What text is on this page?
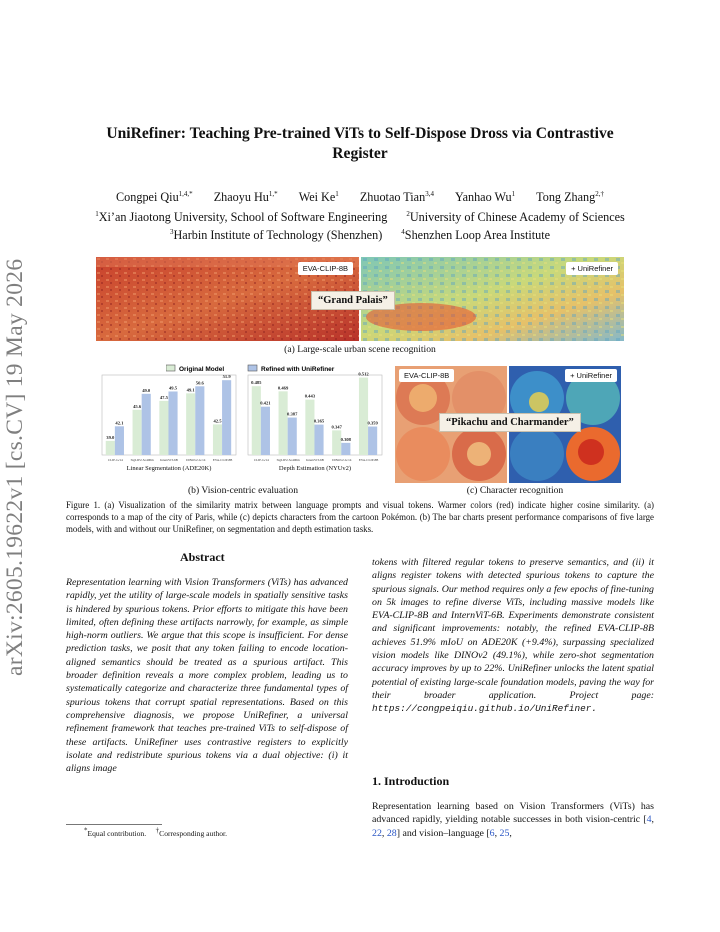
arXiv:2605.19622v1 [cs.CV] 19 May 2026
UniRefiner: Teaching Pre-trained ViTs to Self-Dispose Dross via Contrastive
Register
Congpei Qiu$^{1,4,*}$ Zhaoyu $Hu^{1,*}$ Wei Ke$^1$ Zhuotao Tian$^{3,4}$ Yanhao Wu$^1$ Tong Zhang$^{2,\dagger}$
$^1$Xi’an Jiaotong University, School of Software Engineering	$^2$University of Chinese Academy of Sciences
$^3$Harbin Institute of Technology (Shenzhen)	$^4$Shenzhen Loop Area Institute
EVA-CLIP-8B	+ UniRefiner
“Grand Palais”
(a) Large-scale urban scene recognition
Original Model	Refined with UniRefiner
39.0
42.1
CLIP-G/14
45.6
49.0
SigLIP2-So400m
47.5
49.5
InternViT-6B
49.1
50.6
DINOv2-G/14
42.5
51.9
EVA-CLIP-8B
Linear Segmentation (ADE20K)
0.485
0.421
CLIP-G/14
0.469
0.387
SigLIP2-So400m
0.443
0.365
InternViT-6B
0.347
0.308
DINOv2-G/14
0.512
0.359
EVA-CLIP-8B
Depth Estimation (NYUv2)
(b) Vision-centric evaluation
EVA-CLIP-8B	+ UniRefiner
“Pikachu and Charmander”
(c) Character recognition
Figure 1. (a) Visualization of the similarity matrix between language prompts and visual tokens. Warmer colors (red) indicate higher cosine similarity. (a) corresponds to a map of the city of Paris, while (c) depicts characters from the cartoon Pokémon. (b) The bar charts present performance comparisons of five large models, with and without our UniRefiner, on segmentation and depth estimation tasks.
Abstract
Representation learning with Vision Transformers (ViTs) has advanced rapidly, yet the utility of large-scale models in spatially sensitive tasks is hindered by spurious tokens. Prior efforts to mitigate this have been limited, often defining these artifacts narrowly, for example, as simple high-norm outliers. We argue that this scope is insufficient. For dense prediction tasks, we posit that any token failing to encode location-aligned semantics should be treated as a spurious artifact. This broader definition reveals a more complex problem, leading us to systematically categorize and characterize three fundamental types of spurious tokens that corrupt spatial representations. Based on this comprehensive diagnosis, we propose UniRefiner, a universal refinement framework that teaches pre-trained ViTs to self-dispose of these artifacts. UniRefiner uses contrastive registers to explicitly isolate and redistribute spurious tokens via a dual objective: (i) it aligns image
tokens with filtered regular tokens to preserve semantics, and (ii) it aligns register tokens with detected spurious tokens to capture the spurious signals. Our method requires only a few epochs of fine-tuning on 5k images to refine diverse ViTs, including massive models like EVA-CLIP-8B and InternViT-6B. Experiments demonstrate consistent and significant improvements: notably, the refined EVA-CLIP-8B achieves 51.9% mIoU on ADE20K (+9.4%), surpassing specialized vision models like DINOv2 (49.1%), while zero-shot segmentation accuracy improves by up to 22%. UniRefiner unlocks the latent spatial potential of existing large-scale foundation models, paving the way for their broader application. Project page: https://congpeiqiu.github.io/UniRefiner.
1. Introduction
Representation learning based on Vision Transformers (ViTs) has advanced rapidly, yielding notable successes in both vision-centric [4, 22, 28] and vision–language [6, 25,
*Equal contribution. †Corresponding author.
